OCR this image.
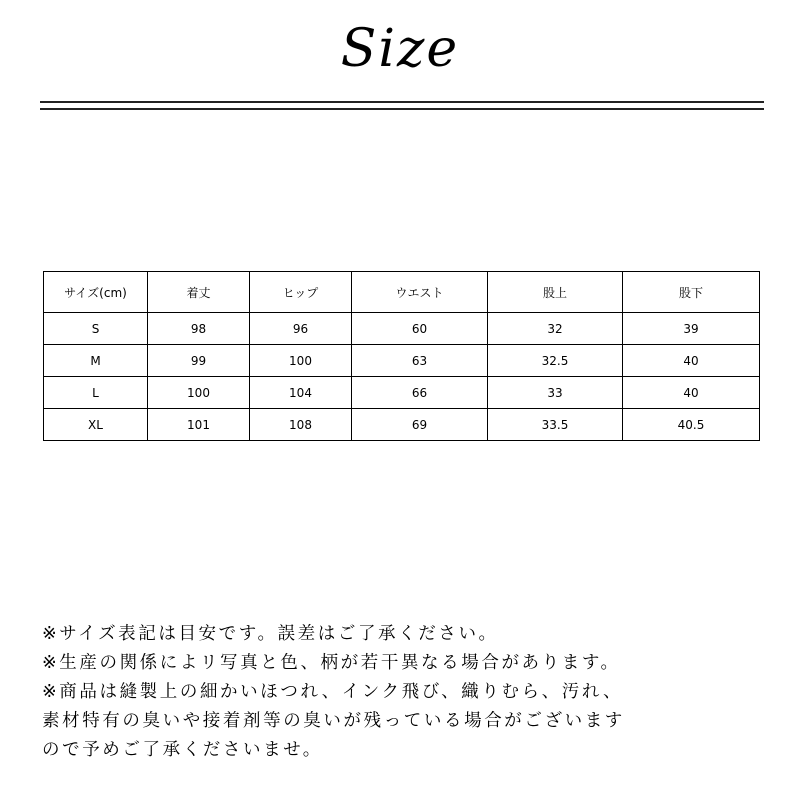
Size
サイズ(cm)	着丈	ヒップ	ウエスト	股上	股下
S	98	96	60	32	39
M	99	100	63	32.5	40
L	100	104	66	33	40
XL	101	108	69	33.5	40.5
※サイズ表記は目安です。誤差はご了承ください。
※生産の関係によリ写真と色、柄が若干異なる場合があります。
※商品は縫製上の細かいほつれ、インク飛び、織りむら、汚れ、
素材特有の臭いや接着剤等の臭いが残っている場合がございます
ので予めご了承くださいませ。
